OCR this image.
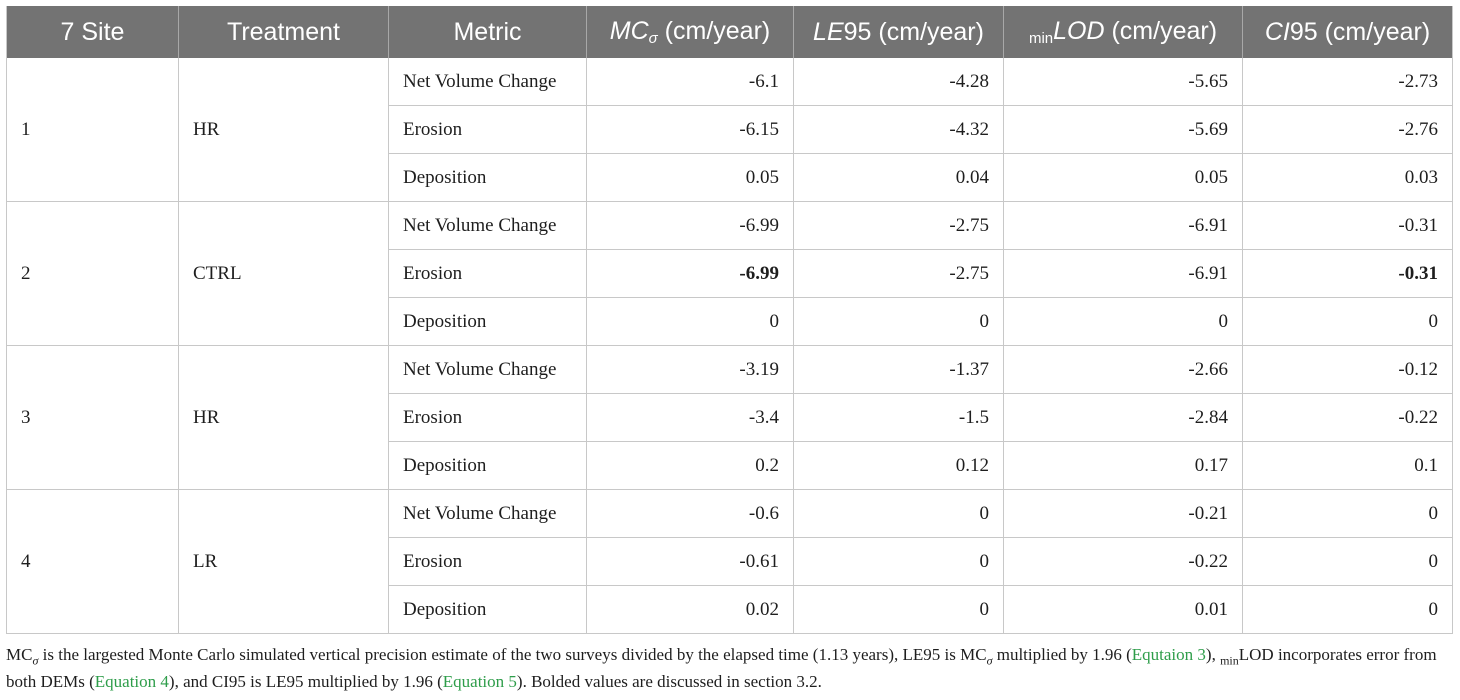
7 Site	Treatment	Metric	$MC_\sigma$ (cm/year)	LE95 (cm/year)	$_{min}$LOD (cm/year)	CI95 (cm/year)
1	HR	Net Volume Change	-6.1	-4.28	-5.65	-2.73
		Erosion	-6.15	-4.32	-5.69	-2.76
		Deposition	0.05	0.04	0.05	0.03
2	CTRL	Net Volume Change	-6.99	-2.75	-6.91	-0.31
		Erosion	-6.99	-2.75	-6.91	-0.31
		Deposition	0	0	0	0
3	HR	Net Volume Change	-3.19	-1.37	-2.66	-0.12
		Erosion	-3.4	-1.5	-2.84	-0.22
		Deposition	0.2	0.12	0.17	0.1
4	LR	Net Volume Change	-0.6	0	-0.21	0
		Erosion	-0.61	0	-0.22	0
		Deposition	0.02	0	0.01	0
$MC_\sigma$ is the largested Monte Carlo simulated vertical precision estimate of the two surveys divided by the elapsed time (1.13 years), LE95 is $MC_\sigma$ multiplied by 1.96 (Equtaion 3), $_{min}$LOD incorporates error from both DEMs (Equation 4), and CI95 is LE95 multiplied by 1.96 (Equation 5). Bolded values are discussed in section 3.2.
